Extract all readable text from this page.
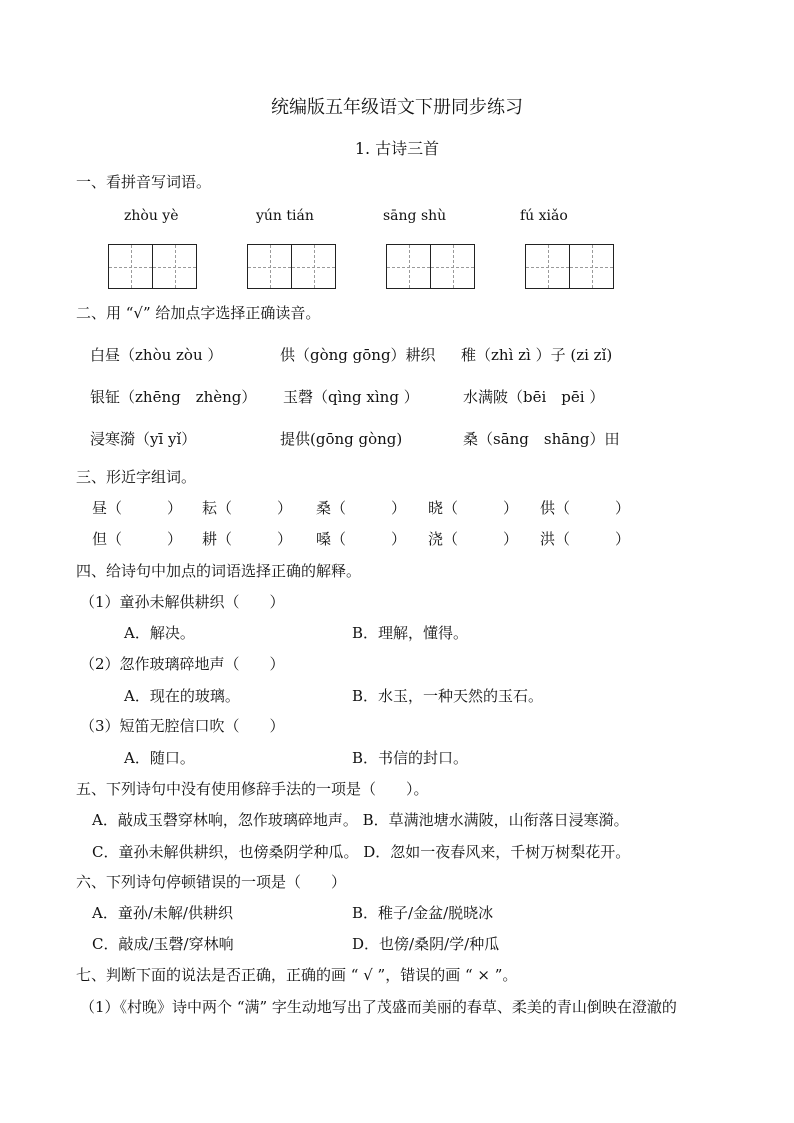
统编版五年级语文下册同步练习
1. 古诗三首
一、看拼音写词语。
zhòu yè	yún tián	sāng shù	fú xiǎo
二、用 “√” 给加点字选择正确读音。
白昼（zhòu zòu ）	供（gòng gōng）耕织 稚（zhì zì ）子 (zi zǐ)
银钲（zhēng　zhèng） 玉磬（qìng xìng ）	水满陂（bēi　pēi ）
浸寒漪（yī yǐ）	提供(gōng gòng)	桑（sāng　shāng）田
三、形近字组词。
昼（　　　） 耘（　　　） 桑（　　　） 晓（　　　） 供（　　　）
但（　　　） 耕（　　　） 嗓（　　　） 浇（　　　） 洪（　　　）
四、给诗句中加点的词语选择正确的解释。
（1）童孙未解供耕织（　　）
A．解决。	B．理解，懂得。
（2）忽作玻璃碎地声（　　）
A．现在的玻璃。	B．水玉，一种天然的玉石。
（3）短笛无腔信口吹（　　）
A．随口。	B．书信的封口。
五、下列诗句中没有使用修辞手法的一项是（　　）。
A．敲成玉磬穿林响，忽作玻璃碎地声。 B．草满池塘水满陂，山衔落日浸寒漪。
C．童孙未解供耕织，也傍桑阴学种瓜。 D．忽如一夜春风来，千树万树梨花开。
六、下列诗句停顿错误的一项是（　　）
A．童孙/未解/供耕织	B．稚子/金盆/脱晓冰
C．敲成/玉磬/穿林响	D．也傍/桑阴/学/种瓜
七、判断下面的说法是否正确，正确的画 “ √ ”，错误的画 “ × ”。
（1）《村晚》诗中两个 “满” 字生动地写出了茂盛而美丽的春草、柔美的青山倒映在澄澈的
